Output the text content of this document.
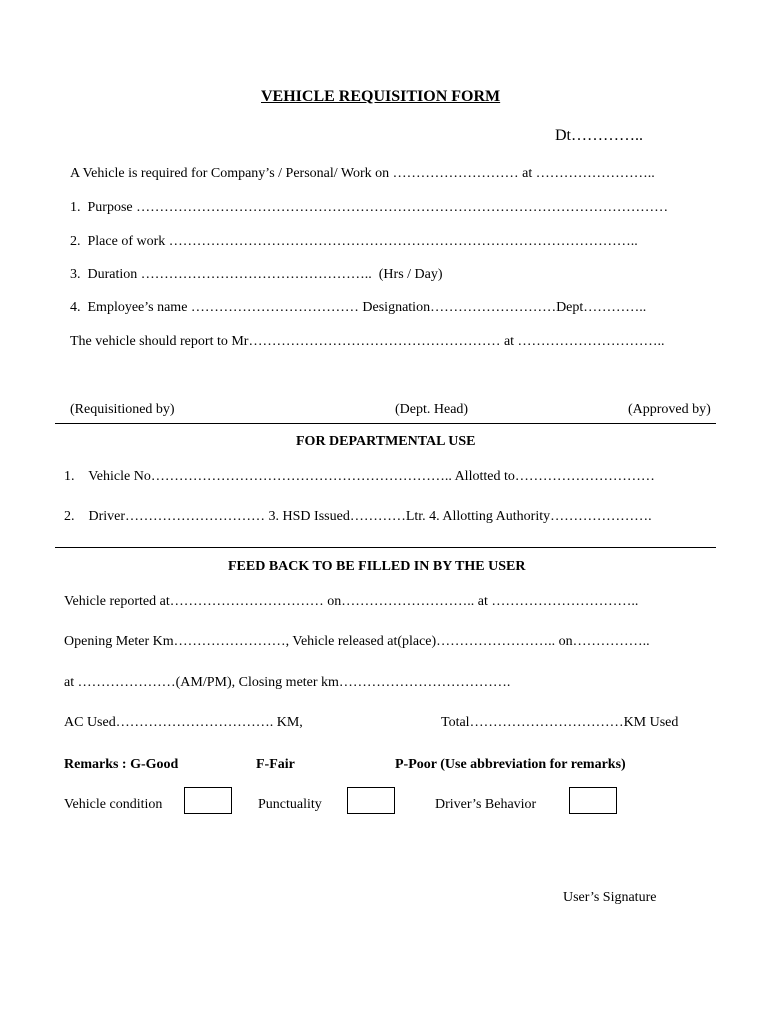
VEHICLE REQUISITION FORM
Dt…………..
A Vehicle is required for Company’s / Personal/ Work on ……………………… at ……………………..
1.  Purpose ……………………………………………………………………………………………………
2.  Place of work ………………………………………………………………………………………..
3.  Duration …………………………………………..  (Hrs / Day)
4.  Employee’s name ……………………………… Designation………………………Dept…………..
The vehicle should report to Mr……………………………………………… at …………………………..
(Requisitioned by)	(Dept. Head)	(Approved by)
FOR DEPARTMENTAL USE
1.    Vehicle No……………………………………………………….. Allotted to…………………………
2.    Driver………………………… 3. HSD Issued…………Ltr. 4. Allotting Authority………………….
FEED BACK TO BE FILLED IN BY THE USER
Vehicle reported at…………………………… on……………………….. at …………………………..
Opening Meter Km……………………, Vehicle released at(place)…………………….. on……………..
at …………………(AM/PM), Closing meter km……………………………….
AC Used……………………………. KM,	Total……………………………KM Used
Remarks : G-Good	F-Fair	P-Poor (Use abbreviation for remarks)
Vehicle condition	Punctuality	Driver’s Behavior
User’s Signature
